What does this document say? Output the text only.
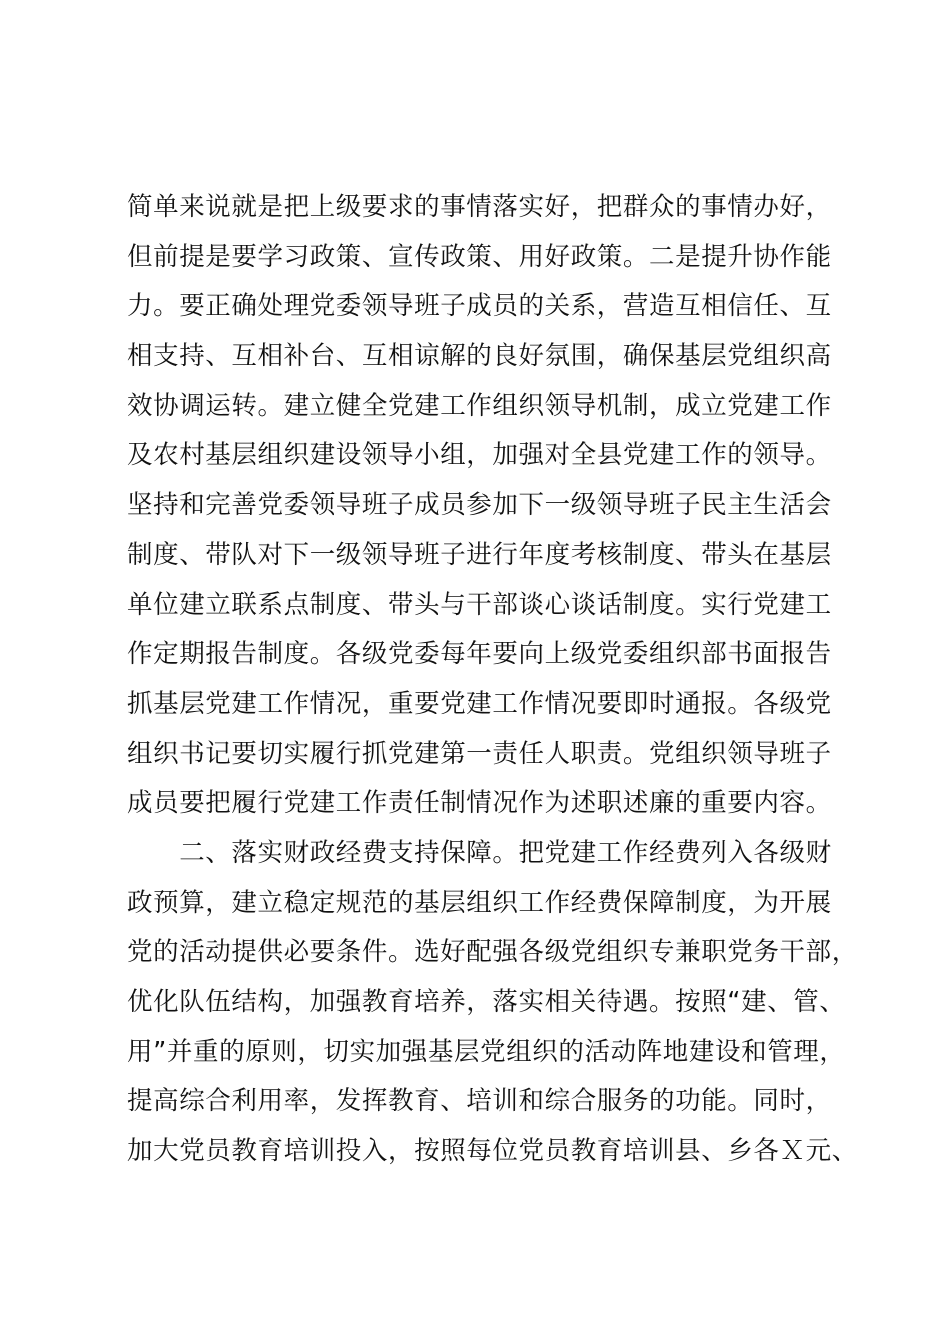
简单来说就是把上级要求的事情落实好，把群众的事情办好，
但前提是要学习政策、宣传政策、用好政策。二是提升协作能
力。要正确处理党委领导班子成员的关系，营造互相信任、互
相支持、互相补台、互相谅解的良好氛围，确保基层党组织高
效协调运转。建立健全党建工作组织领导机制，成立党建工作
及农村基层组织建设领导小组，加强对全县党建工作的领导。
坚持和完善党委领导班子成员参加下一级领导班子民主生活会
制度、带队对下一级领导班子进行年度考核制度、带头在基层
单位建立联系点制度、带头与干部谈心谈话制度。实行党建工
作定期报告制度。各级党委每年要向上级党委组织部书面报告
抓基层党建工作情况，重要党建工作情况要即时通报。各级党
组织书记要切实履行抓党建第一责任人职责。党组织领导班子
成员要把履行党建工作责任制情况作为述职述廉的重要内容。
　　二、落实财政经费支持保障。把党建工作经费列入各级财
政预算，建立稳定规范的基层组织工作经费保障制度，为开展
党的活动提供必要条件。选好配强各级党组织专兼职党务干部，
优化队伍结构，加强教育培养，落实相关待遇。按照“建、管、
用”并重的原则，切实加强基层党组织的活动阵地建设和管理，
提高综合利用率，发挥教育、培训和综合服务的功能。同时，
加大党员教育培训投入，按照每位党员教育培训县、乡各Ｘ元、
